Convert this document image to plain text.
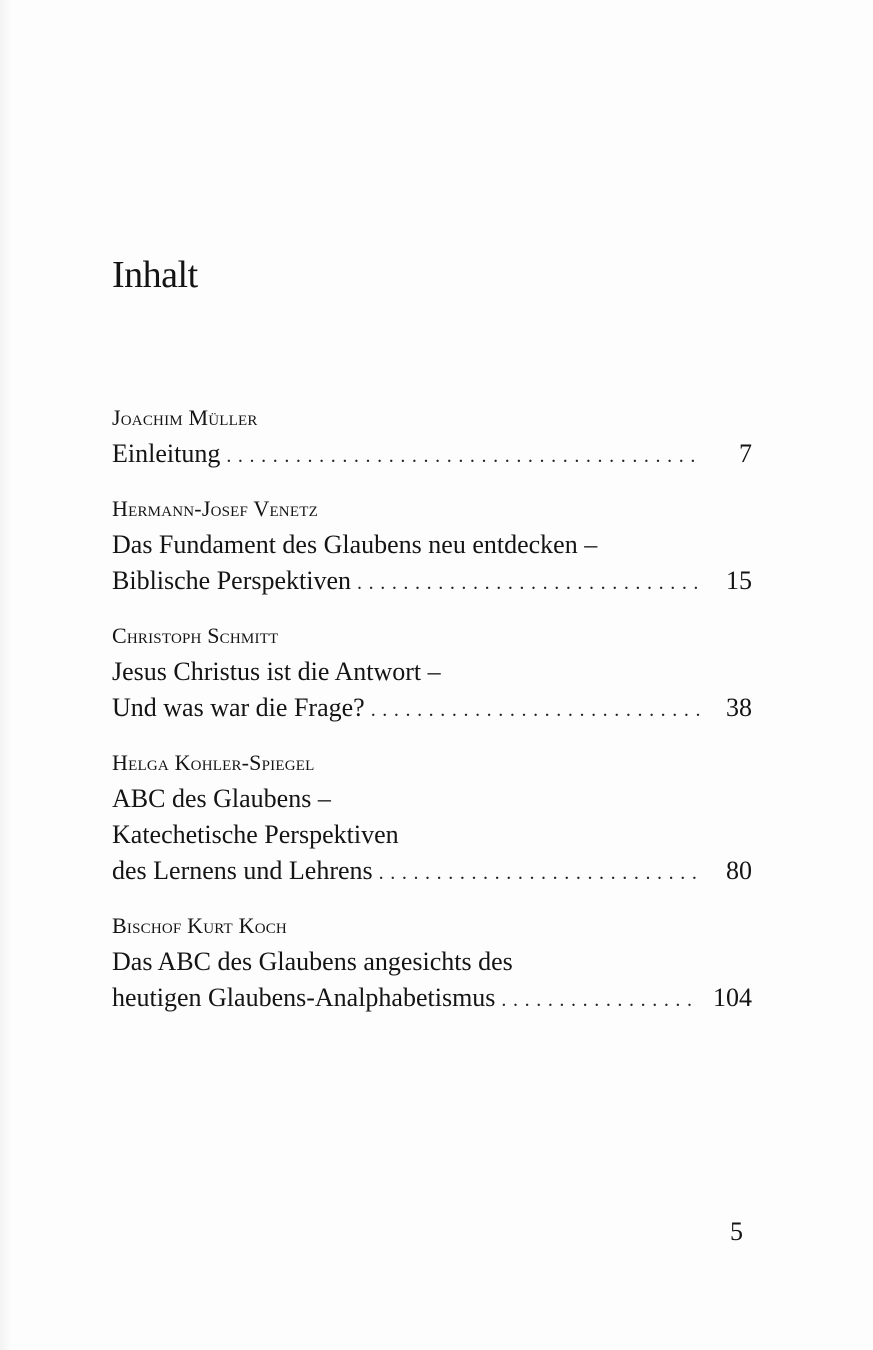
Inhalt
Joachim Müller
Einleitung . . .	7
Hermann-Josef Venetz
Das Fundament des Glaubens neu entdecken –
Biblische Perspektiven . . .	15
Christoph Schmitt
Jesus Christus ist die Antwort –
Und was war die Frage? . . .	38
Helga Kohler-Spiegel
ABC des Glaubens –
Katechetische Perspektiven
des Lernens und Lehrens . . .	80
Bischof Kurt Koch
Das ABC des Glaubens angesichts des
heutigen Glaubens-Analphabetismus . . .	104
5
